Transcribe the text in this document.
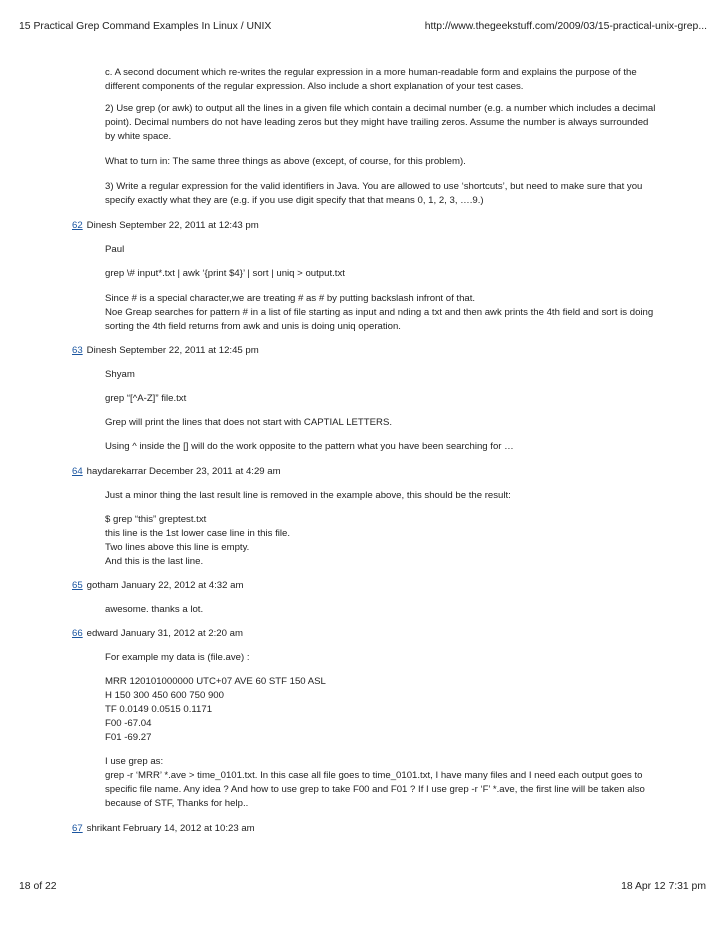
15 Practical Grep Command Examples In Linux / UNIX	http://www.thegeekstuff.com/2009/03/15-practical-unix-grep...

c. A second document which re-writes the regular expression in a more human-readable form and explains the purpose of the

different components of the regular expression. Also include a short explanation of your test cases.

2) Use grep (or awk) to output all the lines in a given file which contain a decimal number (e.g. a number which includes a decimal

point). Decimal numbers do not have leading zeros but they might have trailing zeros. Assume the number is always surrounded

by white space.

What to turn in: The same three things as above (except, of course, for this problem).

3) Write a regular expression for the valid identifiers in Java. You are allowed to use ‘shortcuts’, but need to make sure that you

specify exactly what they are (e.g. if you use digit specify that that means 0, 1, 2, 3, ….9.)

62 Dinesh September 22, 2011 at 12:43 pm

Paul

grep \# input*.txt | awk ‘{print $4}’ | sort | uniq > output.txt

Since # is a special character,we are treating # as # by putting backslash infront of that.

Noe Greap searches for pattern # in a list of file starting as input and nding a txt and then awk prints the 4th field and sort is doing

sorting the 4th field returns from awk and unis is doing uniq operation.

63 Dinesh September 22, 2011 at 12:45 pm

Shyam

grep “[^A-Z]” file.txt

Grep will print the lines that does not start with CAPTIAL LETTERS.

Using ^ inside the [] will do the work opposite to the pattern what you have been searching for …

64 haydarekarrar December 23, 2011 at 4:29 am

Just a minor thing the last result line is removed in the example above, this should be the result:

$ grep “this” greptest.txt

this line is the 1st lower case line in this file.

Two lines above this line is empty.

And this is the last line.

65 gotham January 22, 2012 at 4:32 am

awesome. thanks a lot.

66 edward January 31, 2012 at 2:20 am

For example my data is (file.ave) :

MRR 120101000000 UTC+07 AVE 60 STF 150 ASL

H 150 300 450 600 750 900

TF 0.0149 0.0515 0.1171

F00 -67.04

F01 -69.27

I use grep as:

grep -r ‘MRR’ *.ave > time_0101.txt. In this case all file goes to time_0101.txt, I have many files and I need each output goes to

specific file name. Any idea ? And how to use grep to take F00 and F01 ? If I use grep -r ‘F’ *.ave, the first line will be taken also

because of STF, Thanks for help..

67 shrikant February 14, 2012 at 10:23 am
18 of 22	18 Apr 12 7:31 pm
